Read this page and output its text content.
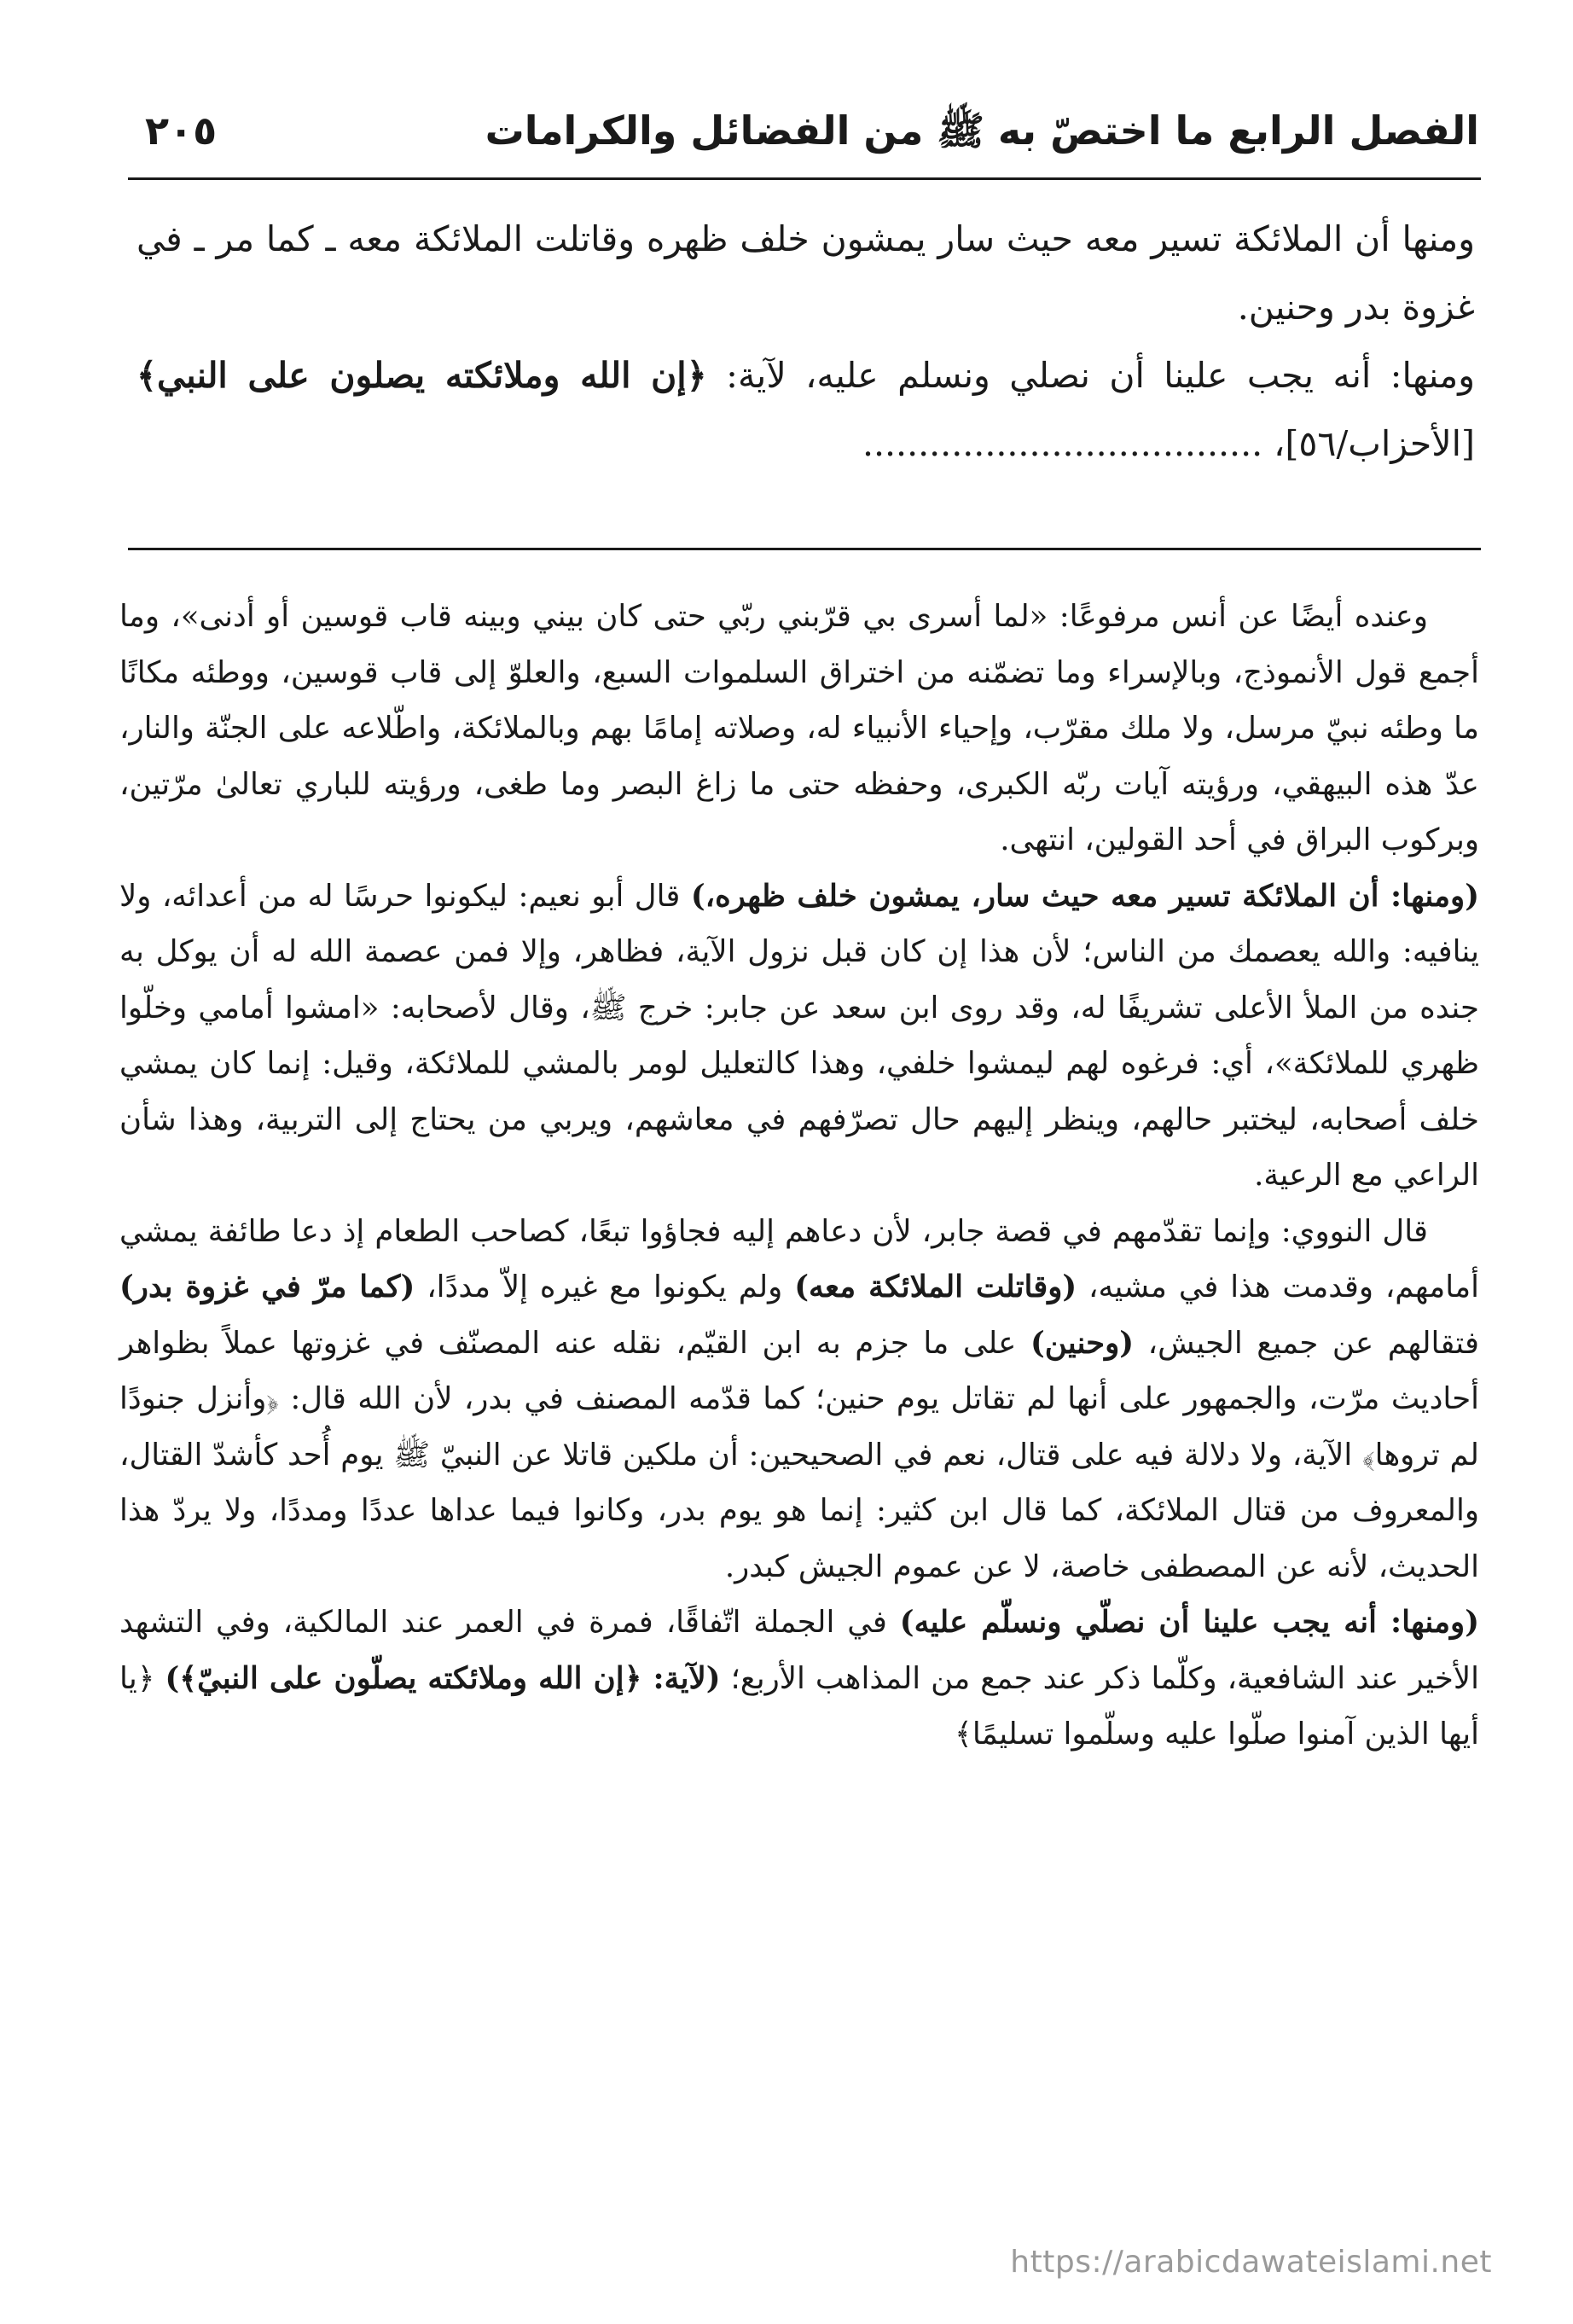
الفصل الرابع ما اختصّ به ﷺ من الفضائل والكرامات
٢٠٥

ومنها أن الملائكة تسير معه حيث سار يمشون خلف ظهره وقاتلت الملائكة معه ـ كما مر ـ في غزوة بدر وحنين.

ومنها: أنه يجب علينا أن نصلي ونسلم عليه، لآية: ﴿إن الله وملائكته يصلون على النبي﴾ [الأحزاب/٥٦]، ....................................

وعنده أيضًا عن أنس مرفوعًا: «لما أسرى بي قرّبني ربّي حتى كان بيني وبينه قاب قوسين أو أدنى»، وما أجمع قول الأنموذج، وبالإسراء وما تضمّنه من اختراق السلموات السبع، والعلوّ إلى قاب قوسين، ووطئه مكانًا ما وطئه نبيّ مرسل، ولا ملك مقرّب، وإحياء الأنبياء له، وصلاته إمامًا بهم وبالملائكة، واطّلاعه على الجنّة والنار، عدّ هذه البيهقي، ورؤيته آيات ربّه الكبرى، وحفظه حتى ما زاغ البصر وما طغى، ورؤيته للباري تعالىٰ مرّتين، وبركوب البراق في أحد القولين، انتهى.

(ومنها: أن الملائكة تسير معه حيث سار، يمشون خلف ظهره،) قال أبو نعيم: ليكونوا حرسًا له من أعدائه، ولا ينافيه: والله يعصمك من الناس؛ لأن هذا إن كان قبل نزول الآية، فظاهر، وإلا فمن عصمة الله له أن يوكل به جنده من الملأ الأعلى تشريفًا له، وقد روى ابن سعد عن جابر: خرج ﷺ، وقال لأصحابه: «امشوا أمامي وخلّوا ظهري للملائكة»، أي: فرغوه لهم ليمشوا خلفي، وهذا كالتعليل لومر بالمشي للملائكة، وقيل: إنما كان يمشي خلف أصحابه، ليختبر حالهم، وينظر إليهم حال تصرّفهم في معاشهم، ويربي من يحتاج إلى التربية، وهذا شأن الراعي مع الرعية.

قال النووي: وإنما تقدّمهم في قصة جابر، لأن دعاهم إليه فجاؤوا تبعًا، كصاحب الطعام إذ دعا طائفة يمشي أمامهم، وقدمت هذا في مشيه، (وقاتلت الملائكة معه) ولم يكونوا مع غيره إلاّ مددًا، (كما مرّ في غزوة بدر) فتقالهم عن جميع الجيش، (وحنين) على ما جزم به ابن القيّم، نقله عنه المصنّف في غزوتها عملاً بظواهر أحاديث مرّت، والجمهور على أنها لم تقاتل يوم حنين؛ كما قدّمه المصنف في بدر، لأن الله قال: ﴿وأنزل جنودًا لم تروها﴾ الآية، ولا دلالة فيه على قتال، نعم في الصحيحين: أن ملكين قاتلا عن النبيّ ﷺ يوم أُحد كأشدّ القتال، والمعروف من قتال الملائكة، كما قال ابن كثير: إنما هو يوم بدر، وكانوا فيما عداها عددًا ومددًا، ولا يردّ هذا الحديث، لأنه عن المصطفى خاصة، لا عن عموم الجيش كبدر.

(ومنها: أنه يجب علينا أن نصلّي ونسلّم عليه) في الجملة اتّفاقًا، فمرة في العمر عند المالكية، وفي التشهد الأخير عند الشافعية، وكلّما ذكر عند جمع من المذاهب الأربع؛ (لآية: ﴿إن الله وملائكته يصلّون على النبيّ﴾) ﴿يا أيها الذين آمنوا صلّوا عليه وسلّموا تسليمًا﴾

https://arabicdawateislami.net
